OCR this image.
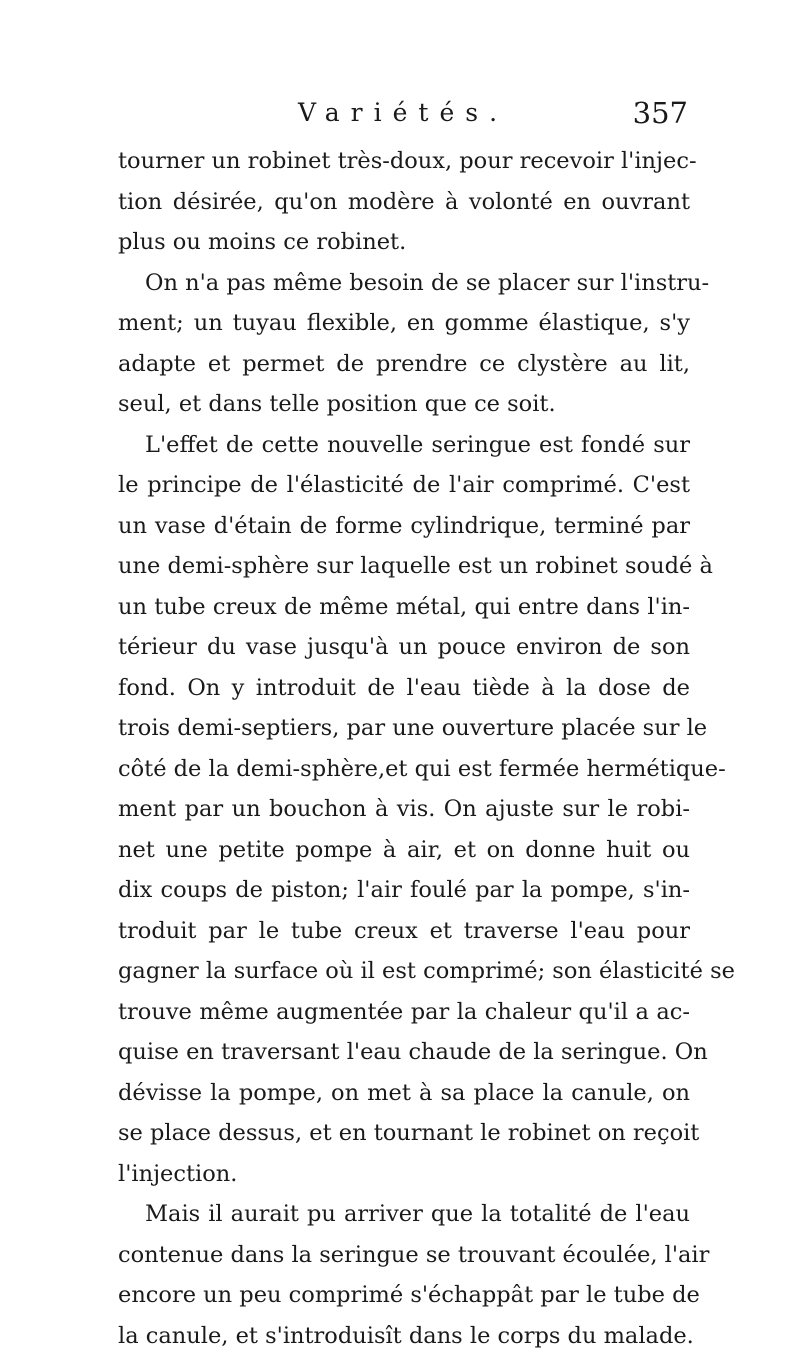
Variétés.	357
tourner un robinet très-doux, pour recevoir l'injec-
tion désirée, qu'on modère à volonté en ouvrant
plus ou moins ce robinet.
On n'a pas même besoin de se placer sur l'instru-
ment; un tuyau flexible, en gomme élastique, s'y
adapte et permet de prendre ce clystère au lit,
seul, et dans telle position que ce soit.
L'effet de cette nouvelle seringue est fondé sur
le principe de l'élasticité de l'air comprimé. C'est
un vase d'étain de forme cylindrique, terminé par
une demi-sphère sur laquelle est un robinet soudé à
un tube creux de même métal, qui entre dans l'in-
térieur du vase jusqu'à un pouce environ de son
fond. On y introduit de l'eau tiède à la dose de
trois demi-septiers, par une ouverture placée sur le
côté de la demi-sphère,et qui est fermée hermétique-
ment par un bouchon à vis. On ajuste sur le robi-
net une petite pompe à air, et on donne huit ou
dix coups de piston; l'air foulé par la pompe, s'in-
troduit par le tube creux et traverse l'eau pour
gagner la surface où il est comprimé; son élasticité se
trouve même augmentée par la chaleur qu'il a ac-
quise en traversant l'eau chaude de la seringue. On
dévisse la pompe, on met à sa place la canule, on
se place dessus, et en tournant le robinet on reçoit
l'injection.
Mais il aurait pu arriver que la totalité de l'eau
contenue dans la seringue se trouvant écoulée, l'air
encore un peu comprimé s'échappât par le tube de
la canule, et s'introduisît dans le corps du malade.
